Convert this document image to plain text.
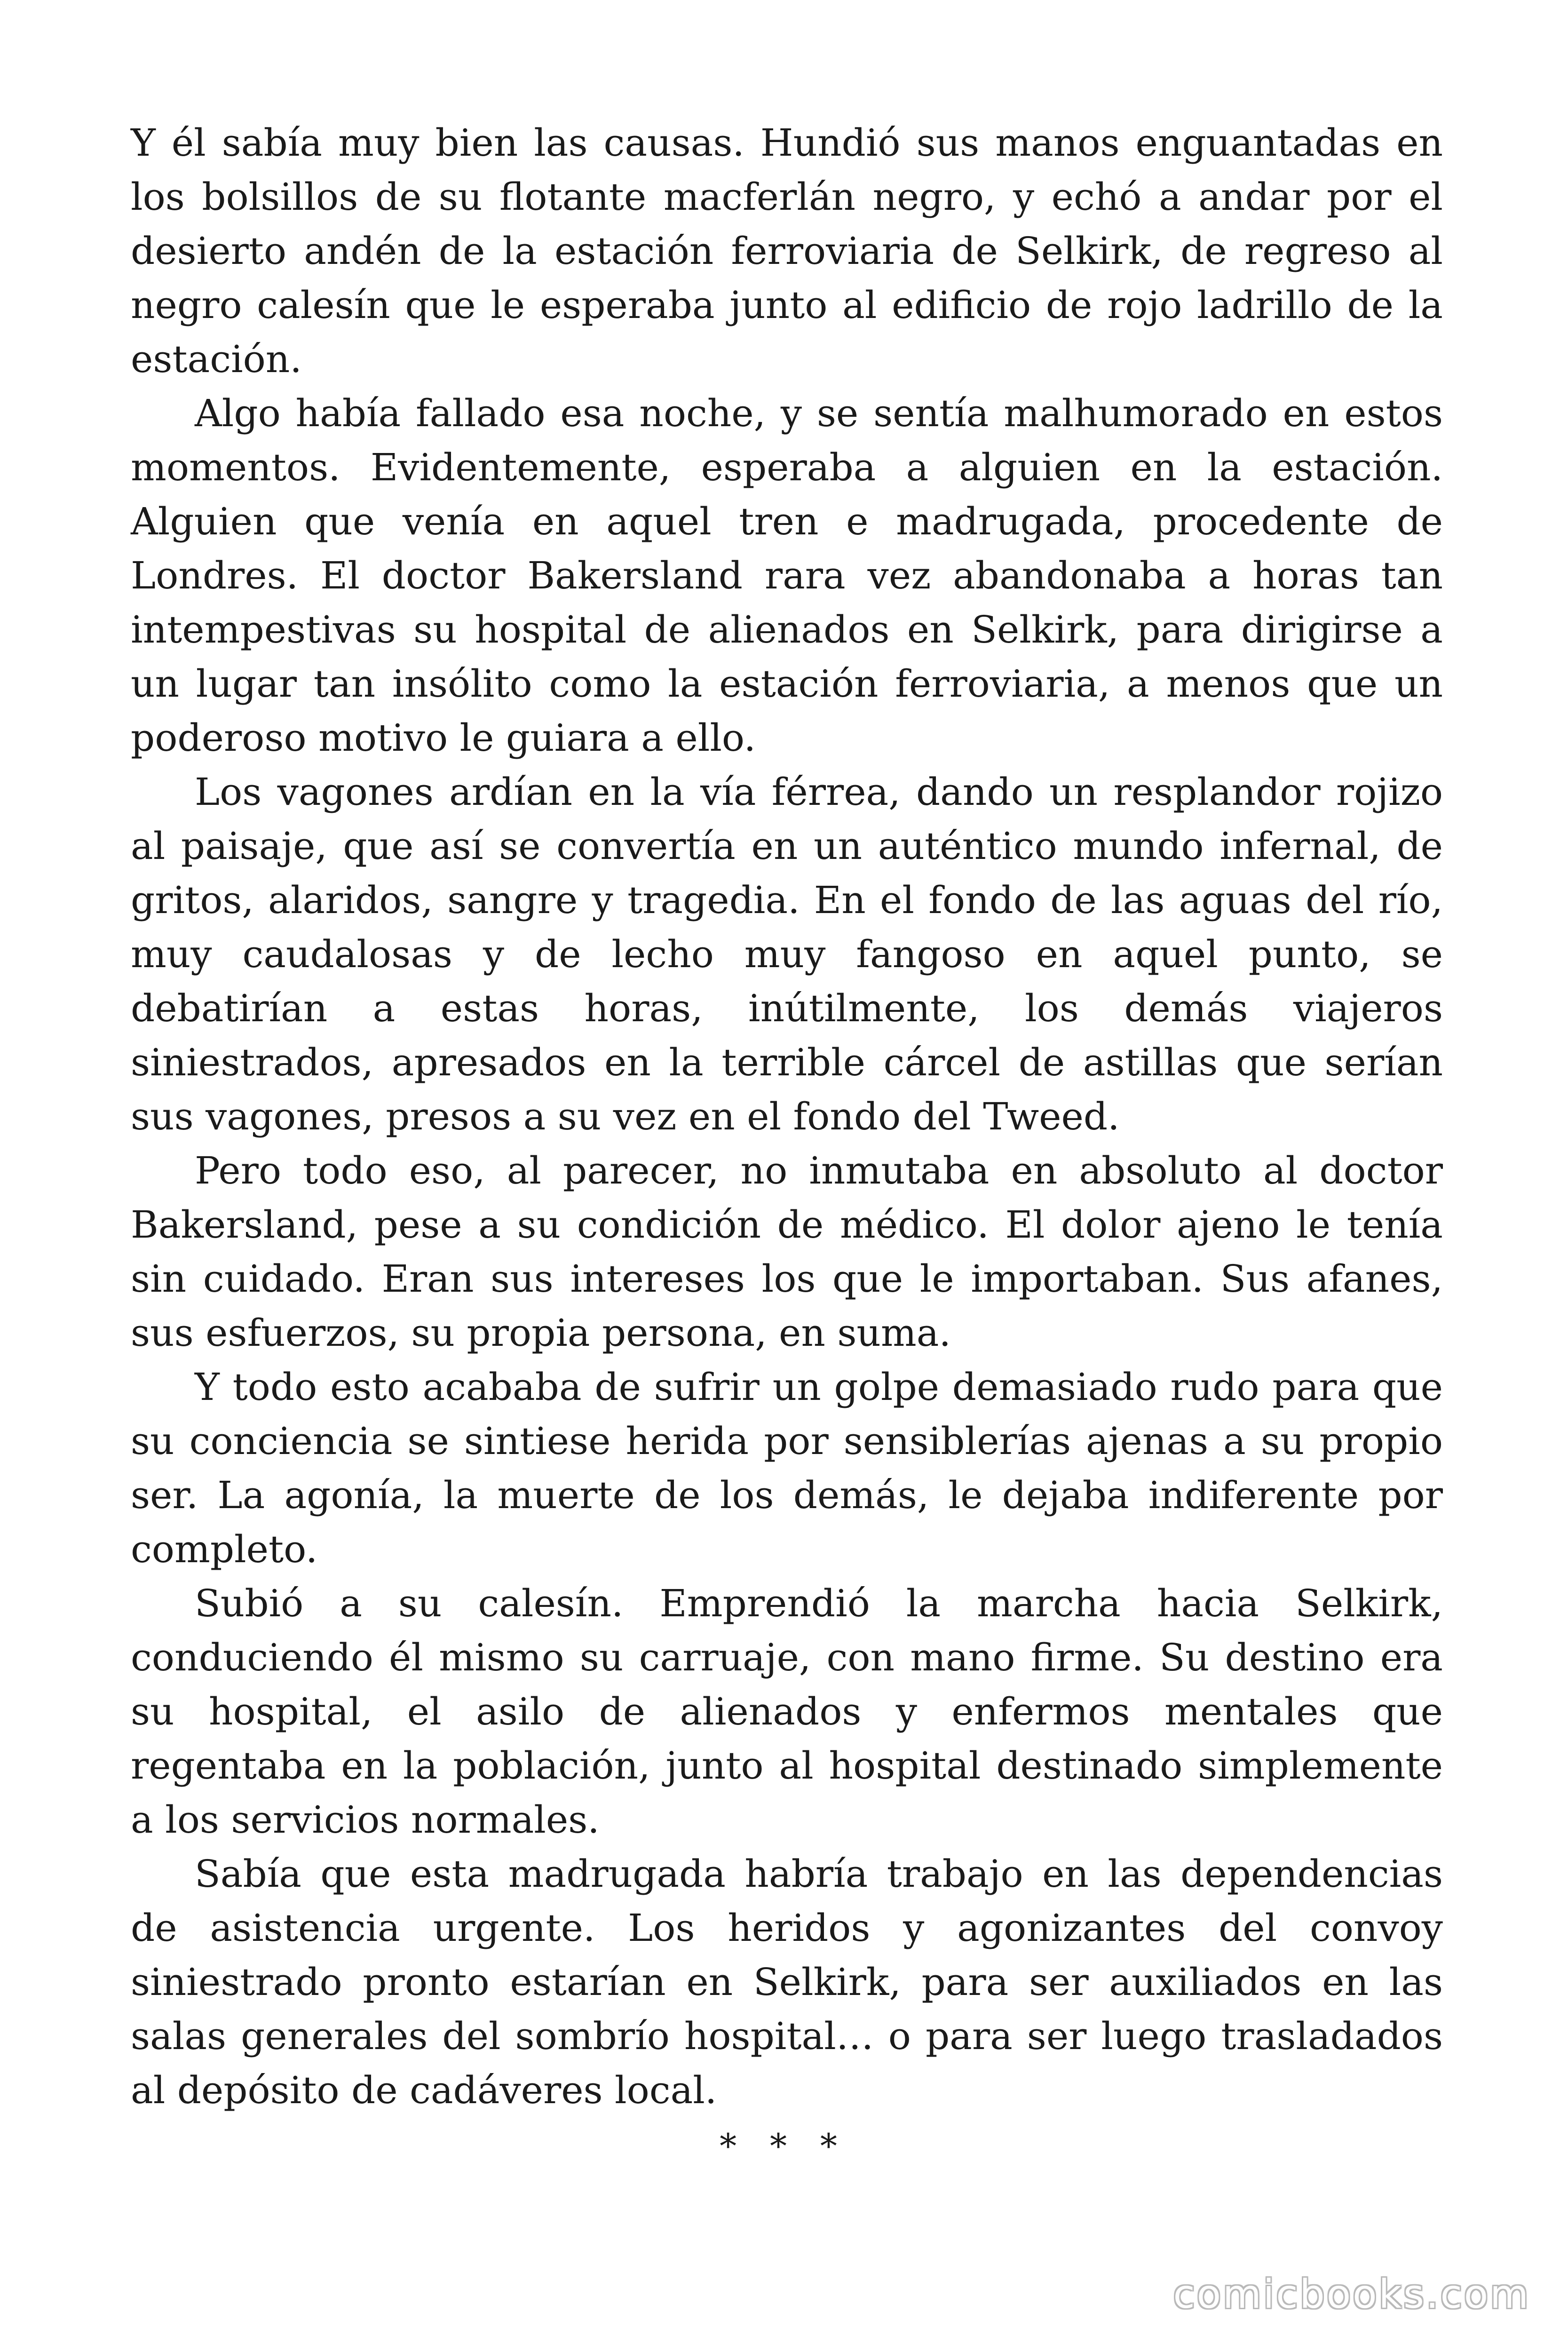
Y él sabía muy bien las causas. Hundió sus manos enguantadas en los bolsillos de su flotante macferlán negro, y echó a andar por el desierto andén de la estación ferroviaria de Selkirk, de regreso al negro calesín que le esperaba junto al edificio de rojo ladrillo de la estación.

Algo había fallado esa noche, y se sentía malhumorado en estos momentos. Evidentemente, esperaba a alguien en la estación. Alguien que venía en aquel tren e madrugada, procedente de Londres. El doctor Bakersland rara vez abandonaba a horas tan intempestivas su hospital de alienados en Selkirk, para dirigirse a un lugar tan insólito como la estación ferroviaria, a menos que un poderoso motivo le guiara a ello.

Los vagones ardían en la vía férrea, dando un resplandor rojizo al paisaje, que así se convertía en un auténtico mundo infernal, de gritos, alaridos, sangre y tragedia. En el fondo de las aguas del río, muy caudalosas y de lecho muy fangoso en aquel punto, se debatirían a estas horas, inútilmente, los demás viajeros siniestrados, apresados en la terrible cárcel de astillas que serían sus vagones, presos a su vez en el fondo del Tweed.

Pero todo eso, al parecer, no inmutaba en absoluto al doctor Bakersland, pese a su condición de médico. El dolor ajeno le tenía sin cuidado. Eran sus intereses los que le importaban. Sus afanes, sus esfuerzos, su propia persona, en suma.

Y todo esto acababa de sufrir un golpe demasiado rudo para que su conciencia se sintiese herida por sensiblerías ajenas a su propio ser. La agonía, la muerte de los demás, le dejaba indiferente por completo.

Subió a su calesín. Emprendió la marcha hacia Selkirk, conduciendo él mismo su carruaje, con mano firme. Su destino era su hospital, el asilo de alienados y enfermos mentales que regentaba en la población, junto al hospital destinado simplemente a los servicios normales.

Sabía que esta madrugada habría trabajo en las dependencias de asistencia urgente. Los heridos y agonizantes del convoy siniestrado pronto estarían en Selkirk, para ser auxiliados en las salas generales del sombrío hospital… o para ser luego trasladados al depósito de cadáveres local.

* * *
comicbooks.com
